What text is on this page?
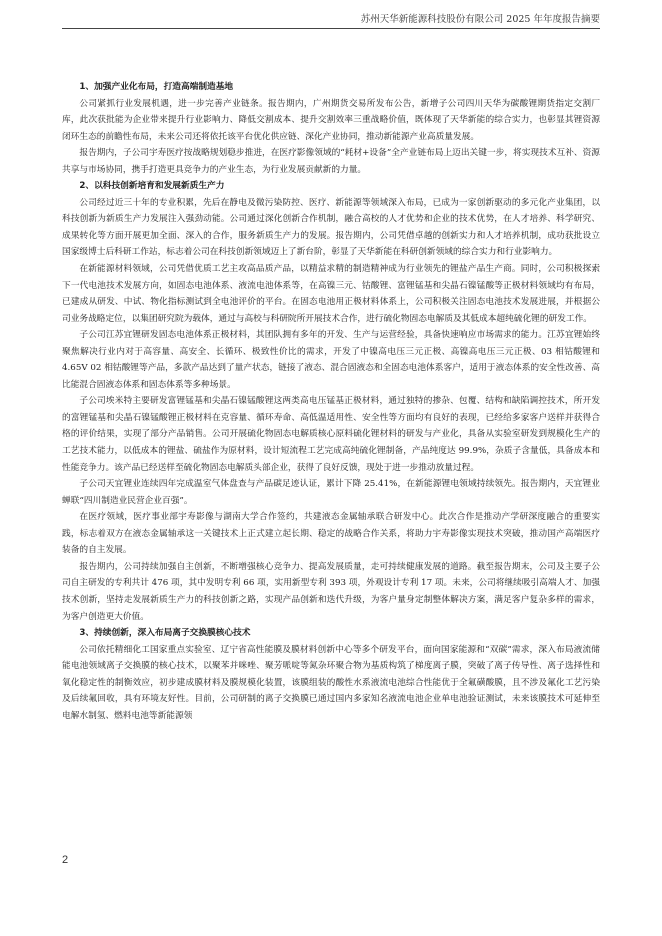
苏州天华新能源科技股份有限公司 2025 年年度报告摘要
1、加强产业化布局，打造高端制造基地

公司紧抓行业发展机遇，进一步完善产业链条。报告期内，广州期货交易所发布公告，新增子公司四川天华为碳酸锂期货指定交割厂库，此次获批能为企业带来提升行业影响力、降低交割成本、提升交割效率三重战略价值，既体现了天华新能的综合实力，也彰显其锂资源闭环生态的前瞻性布局，未来公司还将依托该平台优化供应链、深化产业协同，推动新能源产业高质量发展。

报告期内，子公司宇寿医疗按战略规划稳步推进，在医疗影像领域的“耗材+设备”全产业链布局上迈出关键一步，将实现技术互补、资源共享与市场协同，携手打造更具竞争力的产业生态，为行业发展贡献新的力量。

2、以科技创新培育和发展新质生产力

公司经过近三十年的专业积累，先后在静电及微污染防控、医疗、新能源等领域深入布局，已成为一家创新驱动的多元化产业集团，以科技创新为新质生产力发展注入强劲动能。公司通过深化创新合作机制，融合高校的人才优势和企业的技术优势，在人才培养、科学研究、成果转化等方面开展更加全面、深入的合作，服务新质生产力的发展。报告期内，公司凭借卓越的创新实力和人才培养机制，成功获批设立国家级博士后科研工作站，标志着公司在科技创新领域迈上了新台阶，彰显了天华新能在科研创新领域的综合实力和行业影响力。

在新能源材料领域，公司凭借优质工艺主攻高品质产品，以精益求精的制造精神成为行业领先的锂盐产品生产商。同时，公司积极探索下一代电池技术发展方向，如固态电池体系、液流电池体系等，在高镍三元、钴酸锂、富锂锰基和尖晶石镍锰酸等正极材料领域均有布局，已建成从研发、中试、物化指标测试到全电池评价的平台。在固态电池用正极材料体系上，公司积极关注固态电池技术发展进展，并根据公司业务战略定位，以集团研究院为载体，通过与高校与科研院所开展技术合作，进行硫化物固态电解质及其低成本超纯硫化锂的研发工作。

子公司江苏宜锂研发固态电池体系正极材料，其团队拥有多年的开发、生产与运营经验，具备快速响应市场需求的能力。江苏宜锂始终聚焦解决行业内对于高容量、高安全、长循环、极致性价比的需求，开发了中镍高电压三元正极、高镍高电压三元正极、03 相钴酸锂和 4.65V 02 相钴酸锂等产品，多款产品达到了量产状态，链接了液态、混合固液态和全固态电池体系客户，适用于液态体系的安全性改善、高比能混合固液态体系和固态体系等多种场景。

子公司埃米特主要研发富锂锰基和尖晶石镍锰酸锂这两类高电压锰基正极材料，通过独特的掺杂、包覆、结构和缺陷调控技术，所开发的富锂锰基和尖晶石镍锰酸锂正极材料在克容量、循环寿命、高低温适用性、安全性等方面均有良好的表现，已经给多家客户送样并获得合格的评价结果，实现了部分产品销售。公司开展硫化物固态电解质核心原料硫化锂材料的研发与产业化，具备从实验室研发到规模化生产的工艺技术能力，以低成本的锂盐、硫盐作为原材料，设计短流程工艺完成高纯硫化锂制备，产品纯度达 99.9%，杂质子含量低，具备成本和性能竞争力。该产品已经送样至硫化物固态电解质头部企业，获得了良好反馈，现处于进一步推动放量过程。

子公司天宜锂业连续四年完成温室气体盘查与产品碳足迹认证，累计下降 25.41%，在新能源锂电领域持续领先。报告期内，天宜锂业蝉联“四川制造业民营企业百强”。

在医疗领域，医疗事业部宇寿影像与湖南大学合作签约，共建液态金属轴承联合研发中心。此次合作是推动产学研深度融合的重要实践，标志着双方在液态金属轴承这一关键技术上正式建立起长期、稳定的战略合作关系，将助力宇寿影像实现技术突破，推动国产高端医疗装备的自主发展。

报告期内，公司持续加强自主创新，不断增强核心竞争力、提高发展质量，走可持续健康发展的道路。截至报告期末，公司及主要子公司自主研发的专利共计 476 项，其中发明专利 66 项，实用新型专利 393 项，外观设计专利 17 项。未来，公司将继续吸引高端人才、加强技术创新，坚持走发展新质生产力的科技创新之路，实现产品创新和迭代升级，为客户量身定制整体解决方案，满足客户复杂多样的需求，为客户创造更大价值。

3、持续创新，深入布局离子交换膜核心技术

公司依托精细化工国家重点实验室、辽宁省高性能膜及膜材料创新中心等多个研发平台，面向国家能源和“双碳”需求，深入布局液流储能电池领域离子交换膜的核心技术，以聚苯并咪唑、聚芳哌啶等氮杂环聚合物为基质构筑了梯度离子膜，突破了离子传导性、离子选择性和氧化稳定性的制衡效应，初步建成膜材料及膜规模化装置，该膜组装的酸性水系液流电池综合性能优于全氟磺酸膜，且不涉及氟化工艺污染及后续氟回收，具有环境友好性。目前，公司研制的离子交换膜已通过国内多家知名液流电池企业单电池验证测试，未来该膜技术可延伸至电解水制氢、燃料电池等新能源领

2
